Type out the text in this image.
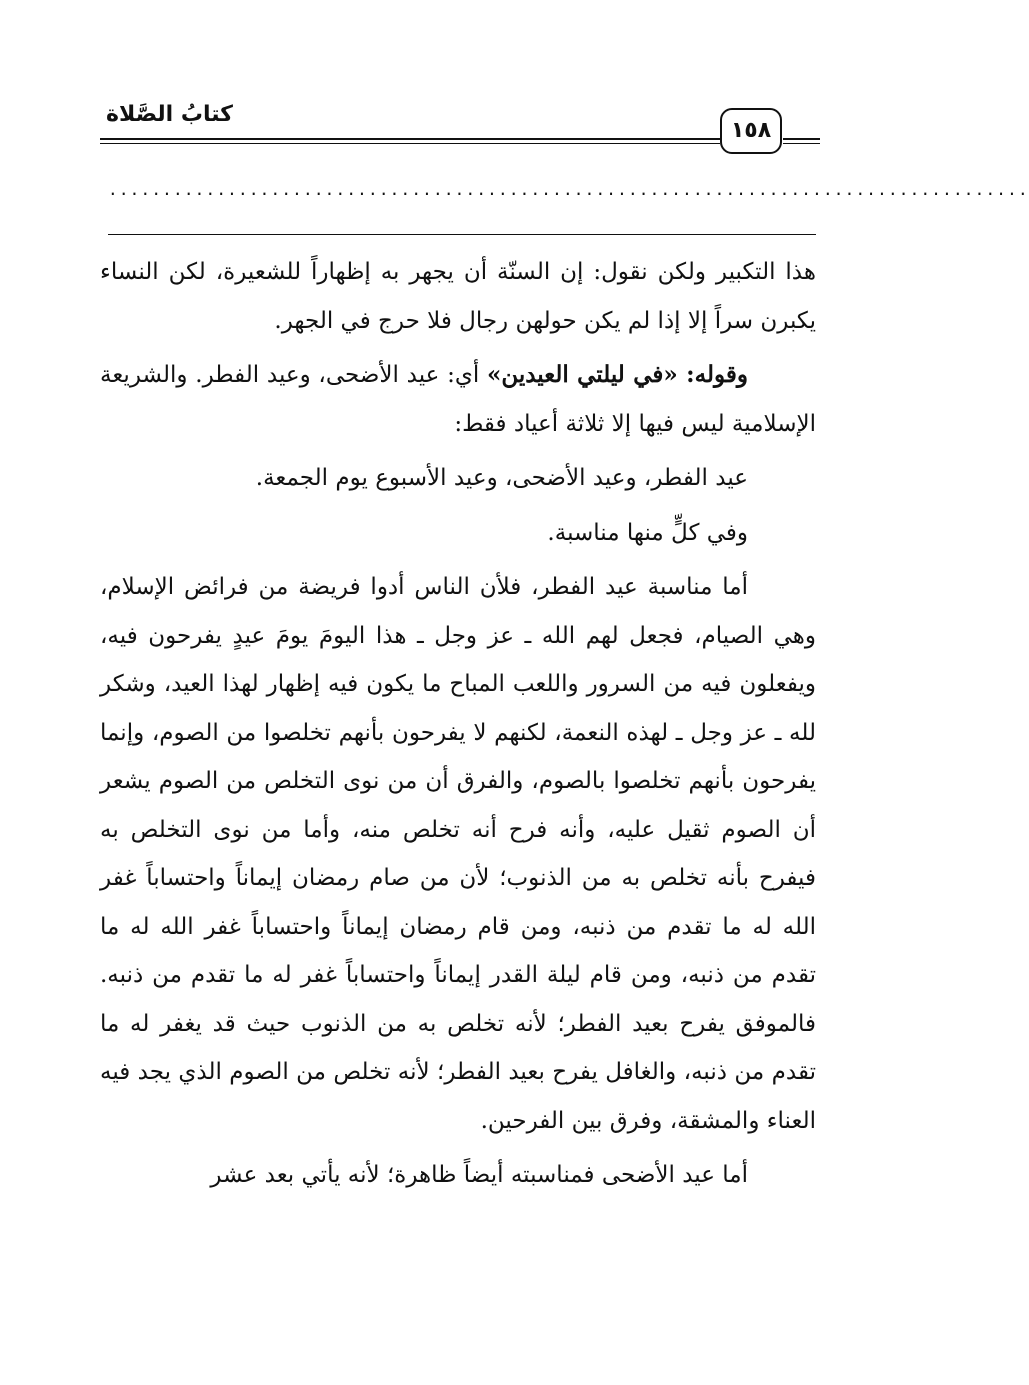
كتابُ الصَّلاة
١٥٨
.....................................................................................

هذا التكبير ولكن نقول: إن السنّة أن يجهر به إظهاراً للشعيرة، لكن النساء يكبرن سراً إلا إذا لم يكن حولهن رجال فلا حرج في الجهر.

وقوله: «في ليلتي العيدين» أي: عيد الأضحى، وعيد الفطر. والشريعة الإسلامية ليس فيها إلا ثلاثة أعياد فقط:

عيد الفطر، وعيد الأضحى، وعيد الأسبوع يوم الجمعة.

وفي كلٍّ منها مناسبة.

أما مناسبة عيد الفطر، فلأن الناس أدوا فريضة من فرائض الإسلام، وهي الصيام، فجعل لهم الله ـ عز وجل ـ هذا اليومَ يومَ عيدٍ يفرحون فيه، ويفعلون فيه من السرور واللعب المباح ما يكون فيه إظهار لهذا العيد، وشكر لله ـ عز وجل ـ لهذه النعمة، لكنهم لا يفرحون بأنهم تخلصوا من الصوم، وإنما يفرحون بأنهم تخلصوا بالصوم، والفرق أن من نوى التخلص من الصوم يشعر أن الصوم ثقيل عليه، وأنه فرح أنه تخلص منه، وأما من نوى التخلص به فيفرح بأنه تخلص به من الذنوب؛ لأن من صام رمضان إيماناً واحتساباً غفر الله له ما تقدم من ذنبه، ومن قام رمضان إيماناً واحتساباً غفر الله له ما تقدم من ذنبه، ومن قام ليلة القدر إيماناً واحتساباً غفر له ما تقدم من ذنبه. فالموفق يفرح بعيد الفطر؛ لأنه تخلص به من الذنوب حيث قد يغفر له ما تقدم من ذنبه، والغافل يفرح بعيد الفطر؛ لأنه تخلص من الصوم الذي يجد فيه العناء والمشقة، وفرق بين الفرحين.

أما عيد الأضحى فمناسبته أيضاً ظاهرة؛ لأنه يأتي بعد عشر
